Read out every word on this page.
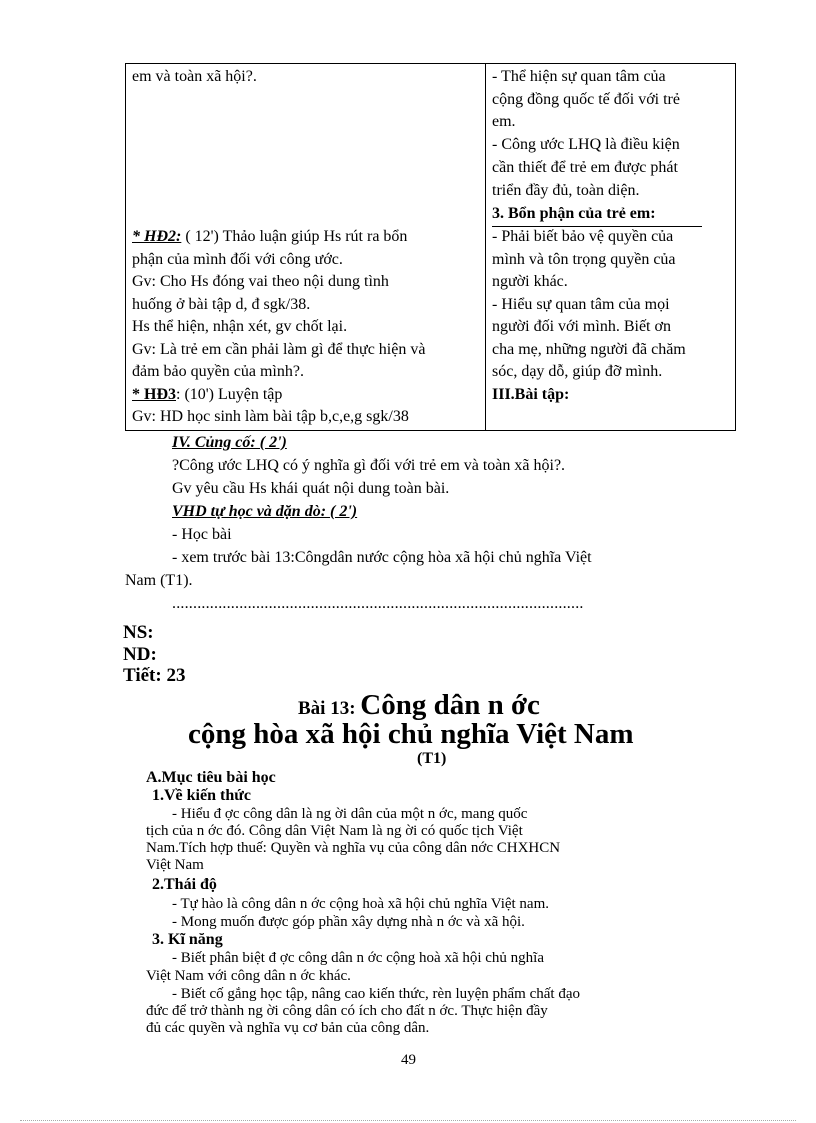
em và toàn xã hội?.
* HĐ2: ( 12') Thảo luận giúp Hs rút ra bổn
phận của mình đối với công ước.
Gv: Cho Hs đóng vai theo nội dung tình
huống ở bài tập d, đ sgk/38.
Hs thể hiện, nhận xét, gv chốt lại.
Gv: Là trẻ em cần phải làm gì để thực hiện và
đảm bảo quyền của mình?.
* HĐ3: (10') Luyện tập
Gv: HD học sinh làm bài tập b,c,e,g sgk/38
- Thể hiện sự quan tâm của
cộng đồng quốc tế đối với trẻ
em.
- Công ước LHQ là điều kiện
cần thiết để trẻ em được phát
triển đầy đủ, toàn diện.
3. Bổn phận của trẻ em:
- Phải biết bảo vệ quyền của
mình và tôn trọng quyền của
người khác.
- Hiểu sự quan tâm của mọi
người đối với mình. Biết ơn
cha mẹ, những người đã chăm
sóc, dạy dỗ, giúp đỡ mình.
III.Bài tập:
IV. Củng cố: ( 2')
?Công ước LHQ có ý nghĩa gì đối với trẻ em và toàn xã hội?.
Gv yêu cầu Hs khái quát nội dung toàn bài.
VHD tự học và dặn dò: ( 2')
- Học bài
- xem trước bài 13:Côngdân nước cộng hòa xã hội chủ nghĩa Việt
Nam (T1).
..................................................................................................
NS:
ND:
Tiết: 23
Bài 13: Công dân n ớc
cộng hòa xã hội chủ nghĩa Việt Nam
(T1)
A.Mục tiêu bài học
1.Về kiến thức
- Hiểu đ ợc công dân là ng ời dân của một n ớc, mang quốc
tịch của n ớc đó. Công dân Việt Nam là ng ời có quốc tịch Việt
Nam.Tích hợp thuế: Quyền và nghĩa vụ của công dân nớc CHXHCN
Việt Nam
2.Thái độ
- Tự hào là công dân n ớc cộng hoà xã hội chủ nghĩa Việt nam.
- Mong muốn được góp phần xây dựng nhà n ớc và xã hội.
3. Kĩ năng
- Biết phân biệt đ ợc công dân n ớc cộng hoà xã hội chủ nghĩa
Việt Nam với công dân n ớc khác.
- Biết cố gắng học tập, nâng cao kiến thức, rèn luyện phẩm chất đạo
đức để trở thành ng ời công dân có ích cho đất n ớc. Thực hiện đầy
đủ các quyền và nghĩa vụ cơ bản của công dân.
49
